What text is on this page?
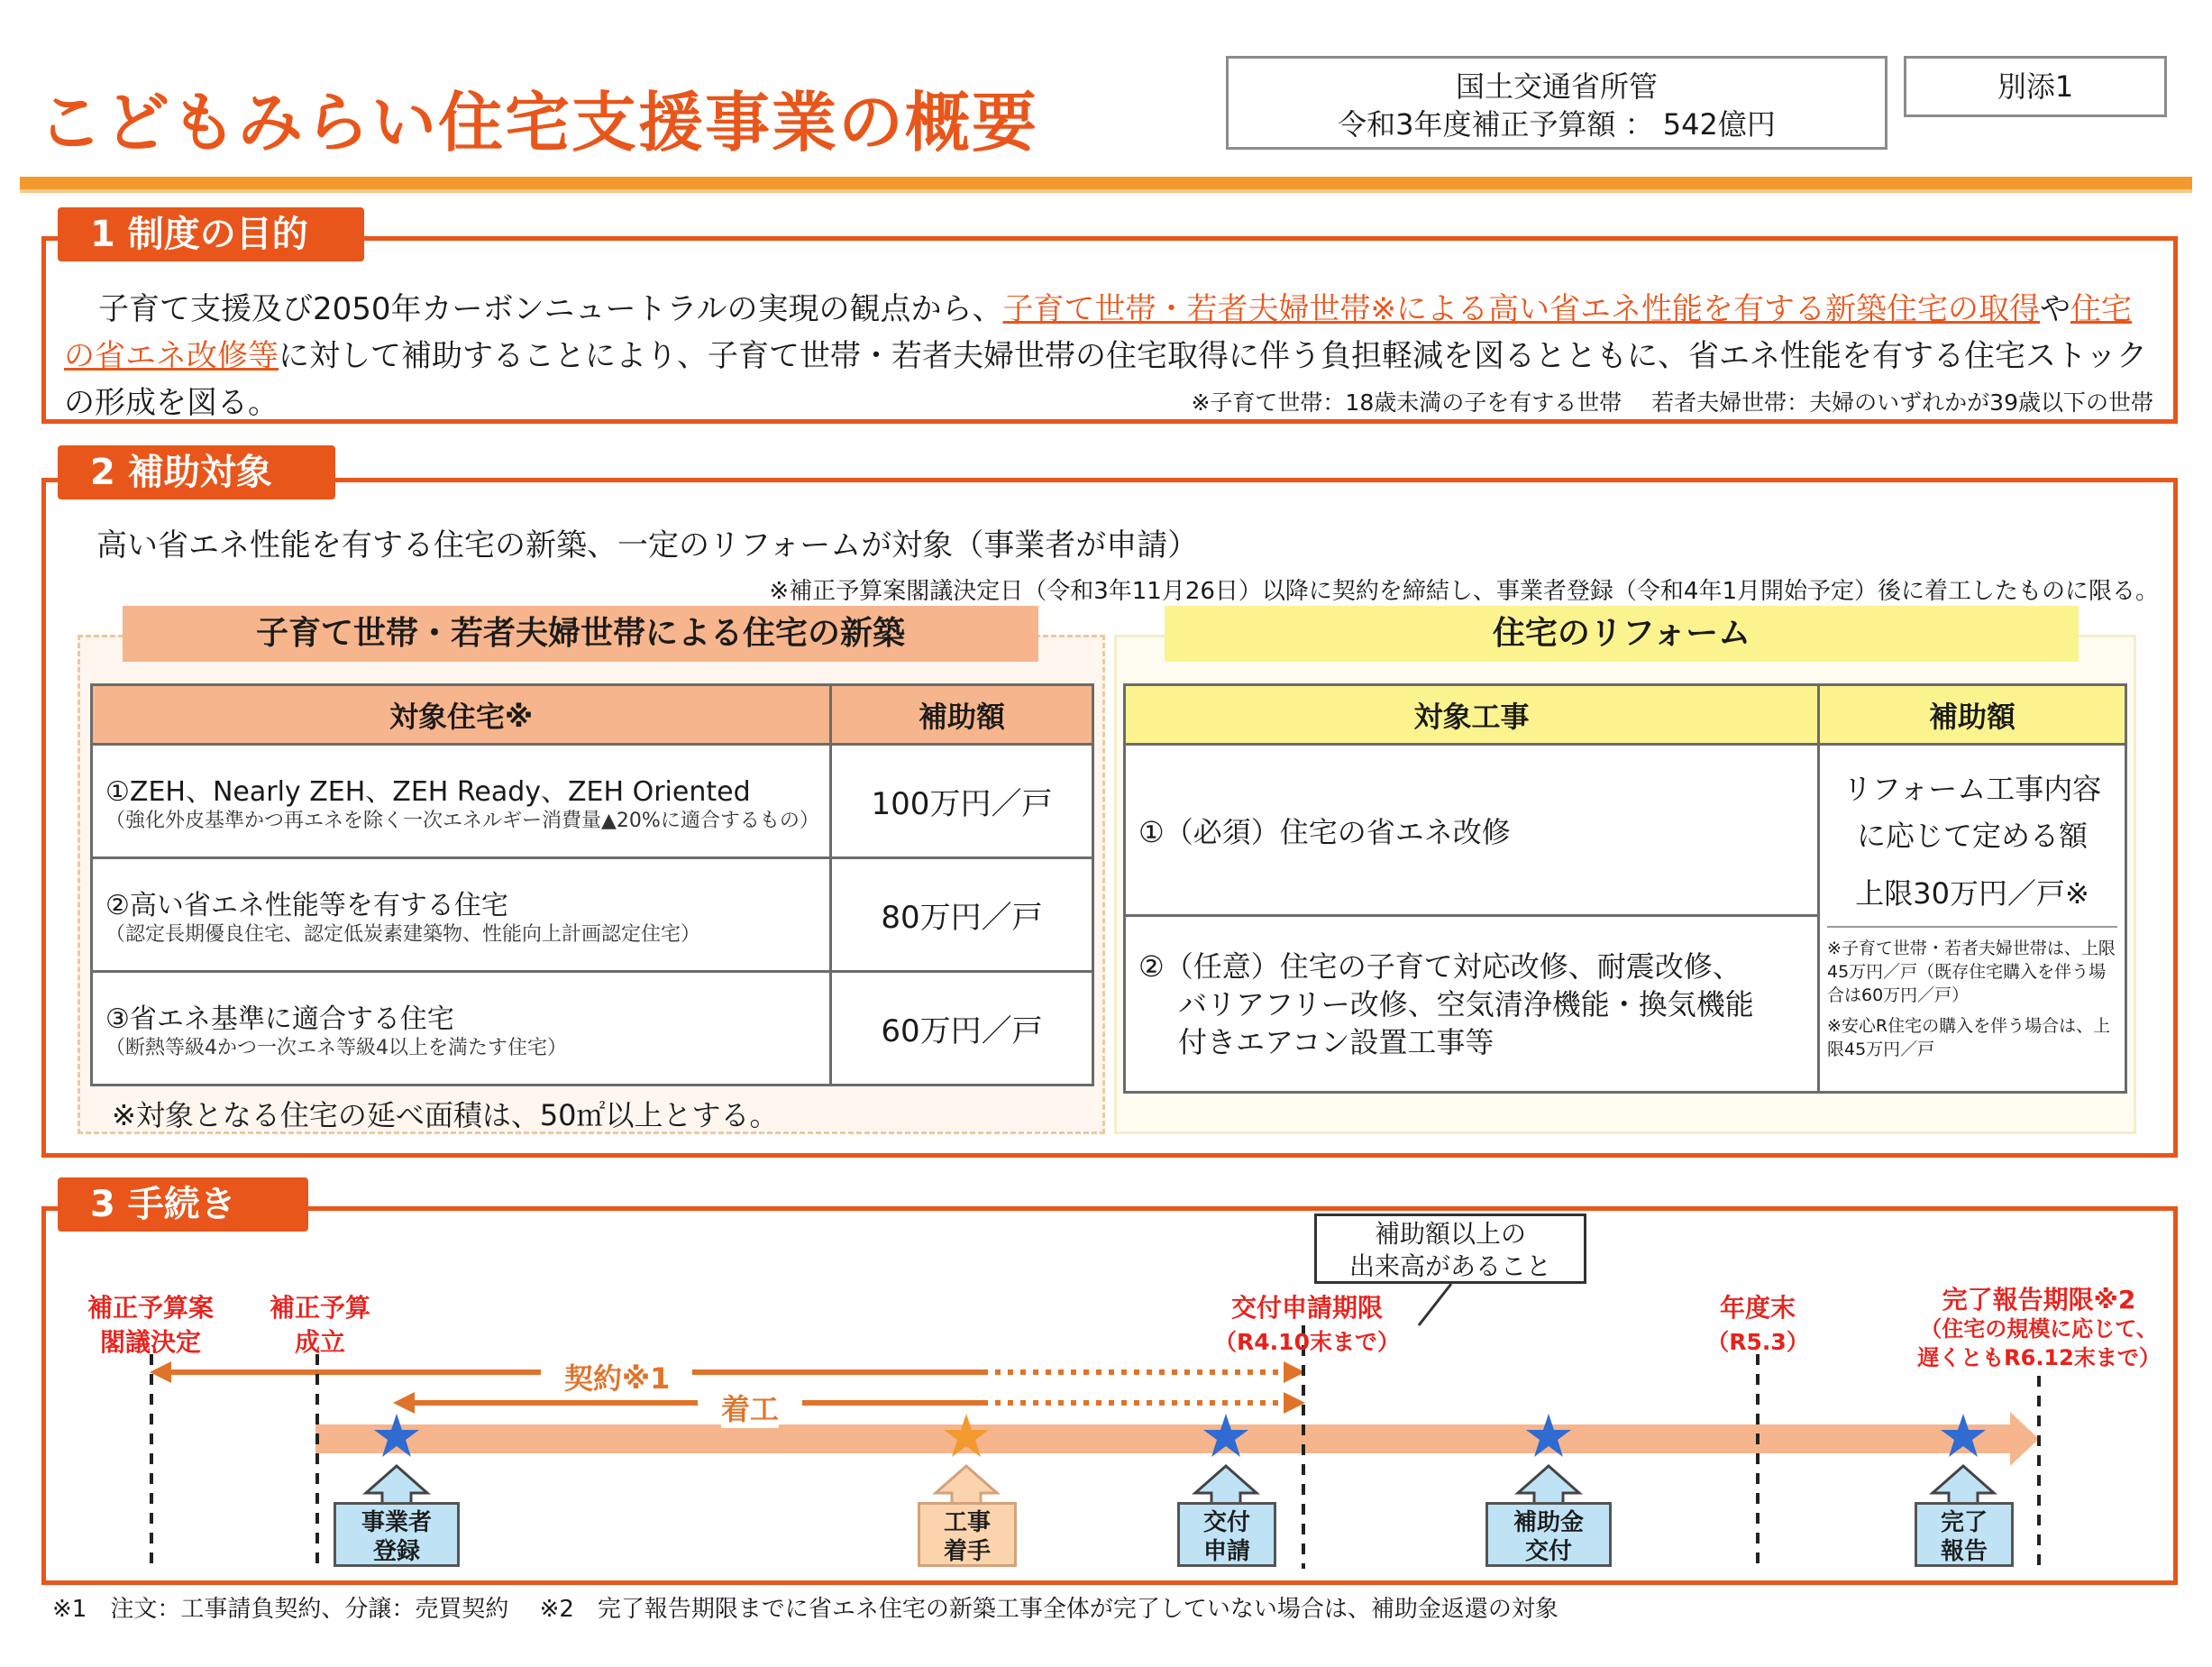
こどもみらい住宅支援事業の概要	国土交通省所管
令和3年度補正予算額 ： 542億円
別添1
子育て支援及び2050年カーボンニュートラルの実現の観点から、子育て世帯・若者夫婦世帯※による高い省エネ性能を有する新築住宅の取得や住宅の省エネ改修等に対して補助することにより、子育て世帯・若者夫婦世帯の住宅取得に伴う負担軽減を図るとともに、省エネ性能を有する住宅ストックの形成を図る。	※子育て世帯：18歳未満の子を有する世帯　 若者夫婦世帯：夫婦のいずれかが39歳以下の世帯
1 制度の目的
高い省エネ性能を有する住宅の新築、一定のリフォームが対象（事業者が申請）
※補正予算案閣議決定日（令和3年11月26日）以降に契約を締結し、事業者登録（令和4年1月開始予定）後に着工したものに限る。
2 補助対象
子育て世帯・若者夫婦世帯による住宅の新築	住宅のリフォーム
対象住宅※	補助額
①ZEH、Nearly ZEH、ZEH Ready、ZEH Oriented
（強化外皮基準かつ再エネを除く一次エネルギー消費量▲20%に適合するもの）	100万円／戸
②高い省エネ性能等を有する住宅
（認定長期優良住宅、認定低炭素建築物、性能向上計画認定住宅）	80万円／戸
③省エネ基準に適合する住宅
（断熱等級4かつ一次エネ等級4以上を満たす住宅）	60万円／戸
※対象となる住宅の延べ面積は、50㎡以上とする。
対象工事	補助額
①（必須）住宅の省エネ改修	リフォーム工事内容
に応じて定める額
上限30万円／戸※
※子育て世帯・若者夫婦世帯は、上限45万円／戸（既存住宅購入を伴う場合は60万円／戸）
※安心R住宅の購入を伴う場合は、上限45万円／戸

②（任意）住宅の子育て対応改修、耐震改修、
バリアフリー改修、空気清浄機能・換気機能
付きエアコン設置工事等	
3 手続き
補助額以上の
出来高があること
契約※1
着工
補正予算案
閣議決定
補正予算
成立
交付申請期限
（R4.10末まで）
年度末
（R5.3）
完了報告期限※2
（住宅の規模に応じて、
遅くともR6.12末まで）
事業者
登録
工事
着手
交付
申請
補助金
交付
完了
報告
※1　注文：工事請負契約、分譲：売買契約　 ※2　完了報告期限までに省エネ住宅の新築工事全体が完了していない場合は、補助金返還の対象
